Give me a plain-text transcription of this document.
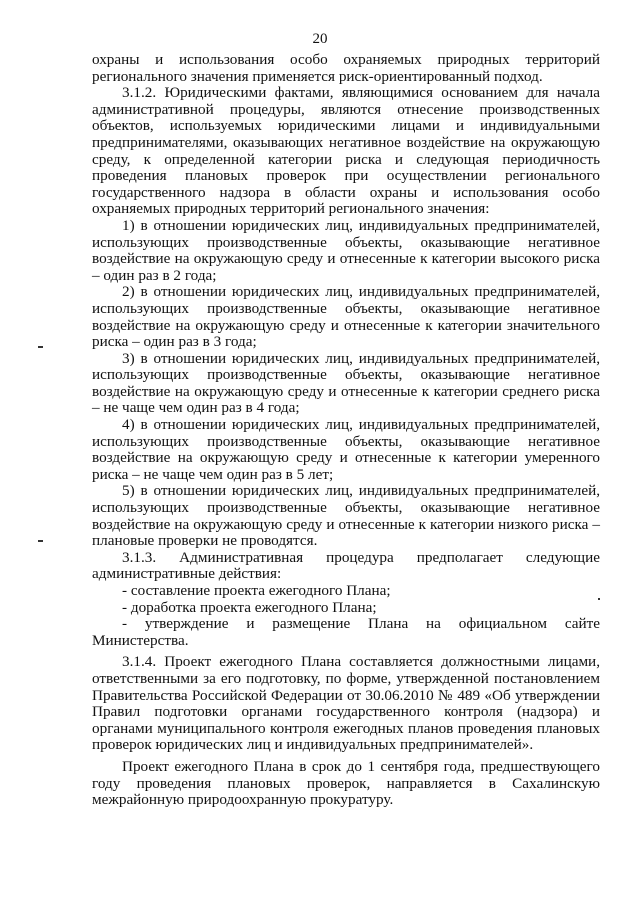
20

охраны и использования особо охраняемых природных территорий регионального значения применяется риск-ориентированный подход.

3.1.2. Юридическими фактами, являющимися основанием для начала административной процедуры, являются отнесение производственных объектов, используемых юридическими лицами и индивидуальными предпринимателями, оказывающих негативное воздействие на окружающую среду, к определенной категории риска и следующая периодичность проведения плановых проверок при осуществлении регионального государственного надзора в области охраны и использования особо охраняемых природных территорий регионального значения:

1) в отношении юридических лиц, индивидуальных предпринимателей, использующих производственные объекты, оказывающие негативное воздействие на окружающую среду и отнесенные к категории высокого риска – один раз в 2 года;

2) в отношении юридических лиц, индивидуальных предпринимателей, использующих производственные объекты, оказывающие негативное воздействие на окружающую среду и отнесенные к категории значительного риска – один раз в 3 года;

3) в отношении юридических лиц, индивидуальных предпринимателей, использующих производственные объекты, оказывающие негативное воздействие на окружающую среду и отнесенные к категории среднего риска – не чаще чем один раз в 4 года;

4) в отношении юридических лиц, индивидуальных предпринимателей, использующих производственные объекты, оказывающие негативное воздействие на окружающую среду и отнесенные к категории умеренного риска – не чаще чем один раз в 5 лет;

5) в отношении юридических лиц, индивидуальных предпринимателей, использующих производственные объекты, оказывающие негативное воздействие на окружающую среду и отнесенные к категории низкого риска – плановые проверки не проводятся.

3.1.3. Административная процедура предполагает следующие административные действия:

- составление проекта ежегодного Плана;

- доработка проекта ежегодного Плана;

- утверждение и размещение Плана на официальном сайте Министерства.

3.1.4. Проект ежегодного Плана составляется должностными лицами, ответственными за его подготовку, по форме, утвержденной постановлением Правительства Российской Федерации от 30.06.2010 № 489 «Об утверждении Правил подготовки органами государственного контроля (надзора) и органами муниципального контроля ежегодных планов проведения плановых проверок юридических лиц и индивидуальных предпринимателей».

Проект ежегодного Плана в срок до 1 сентября года, предшествующего году проведения плановых проверок, направляется в Сахалинскую межрайонную природоохранную прокуратуру.
